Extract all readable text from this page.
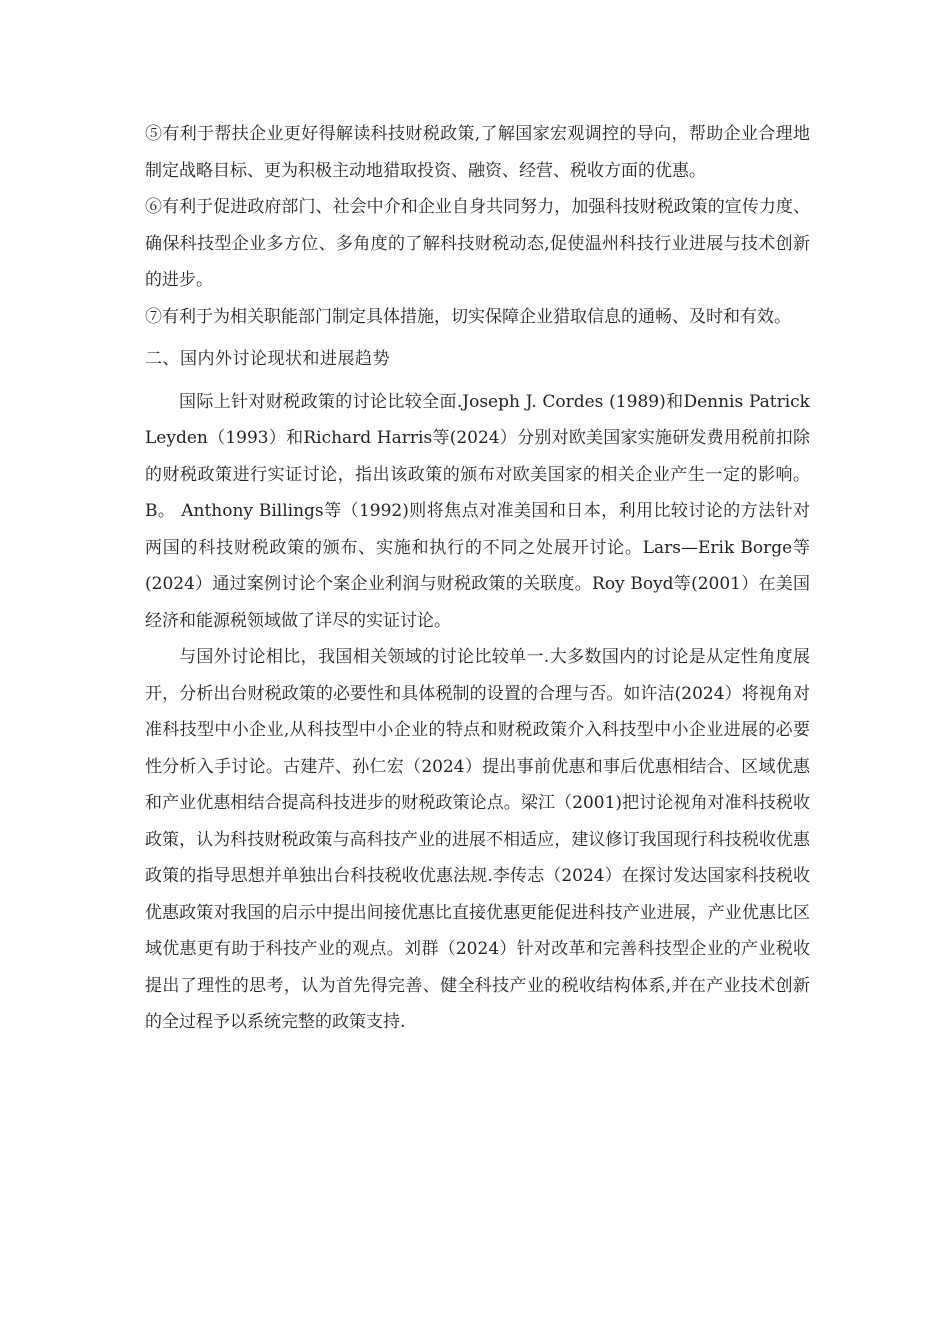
⑤有利于帮扶企业更好得解读科技财税政策,了解国家宏观调控的导向，帮助企业合理地制定战略目标、更为积极主动地猎取投资、融资、经营、税收方面的优惠。

⑥有利于促进政府部门、社会中介和企业自身共同努力，加强科技财税政策的宣传力度、确保科技型企业多方位、多角度的了解科技财税动态,促使温州科技行业进展与技术创新的进步。

⑦有利于为相关职能部门制定具体措施，切实保障企业猎取信息的通畅、及时和有效。

二、国内外讨论现状和进展趋势

国际上针对财税政策的讨论比较全面.Joseph J. Cordes (1989)和Dennis Patrick Leyden（1993）和Richard Harris等(2024）分别对欧美国家实施研发费用税前扣除的财税政策进行实证讨论，指出该政策的颁布对欧美国家的相关企业产生一定的影响。B。 Anthony Billings等（1992)则将焦点对准美国和日本，利用比较讨论的方法针对两国的科技财税政策的颁布、实施和执行的不同之处展开讨论。Lars—Erik Borge等(2024）通过案例讨论个案企业利润与财税政策的关联度。Roy Boyd等(2001）在美国经济和能源税领域做了详尽的实证讨论。

与国外讨论相比，我国相关领域的讨论比较单一.大多数国内的讨论是从定性角度展开，分析出台财税政策的必要性和具体税制的设置的合理与否。如许洁(2024）将视角对准科技型中小企业,从科技型中小企业的特点和财税政策介入科技型中小企业进展的必要性分析入手讨论。古建芹、孙仁宏（2024）提出事前优惠和事后优惠相结合、区域优惠和产业优惠相结合提高科技进步的财税政策论点。梁江（2001)把讨论视角对准科技税收政策，认为科技财税政策与高科技产业的进展不相适应，建议修订我国现行科技税收优惠政策的指导思想并单独出台科技税收优惠法规.李传志（2024）在探讨发达国家科技税收优惠政策对我国的启示中提出间接优惠比直接优惠更能促进科技产业进展，产业优惠比区域优惠更有助于科技产业的观点。刘群（2024）针对改革和完善科技型企业的产业税收提出了理性的思考，认为首先得完善、健全科技产业的税收结构体系,并在产业技术创新的全过程予以系统完整的政策支持.
